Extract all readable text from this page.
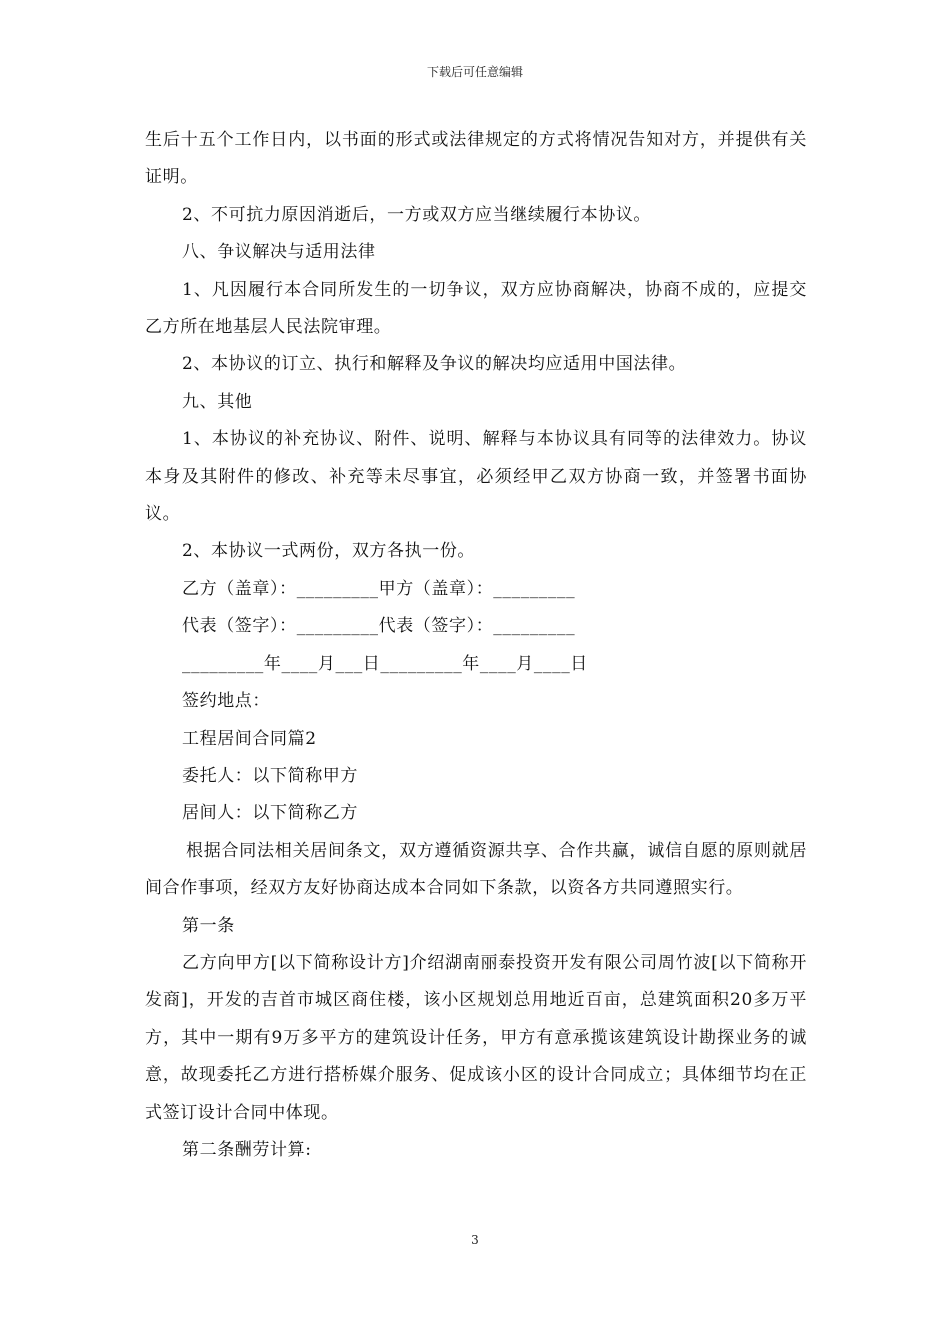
下载后可任意编辑

生后十五个工作日内，以书面的形式或法律规定的方式将情况告知对方，并提供有关证明。

2、不可抗力原因消逝后，一方或双方应当继续履行本协议。

八、争议解决与适用法律

1、凡因履行本合同所发生的一切争议，双方应协商解决，协商不成的，应提交乙方所在地基层人民法院审理。

2、本协议的订立、执行和解释及争议的解决均应适用中国法律。

九、其他

1、本协议的补充协议、附件、说明、解释与本协议具有同等的法律效力。协议本身及其附件的修改、补充等未尽事宜，必须经甲乙双方协商一致，并签署书面协议。

2、本协议一式两份，双方各执一份。

乙方（盖章）：_________甲方（盖章）：_________

代表（签字）：_________代表（签字）：_________

_________年____月___日_________年____月____日

签约地点：

工程居间合同篇2

委托人：以下简称甲方

居间人：以下简称乙方

根据合同法相关居间条文，双方遵循资源共享、合作共赢，诚信自愿的原则就居间合作事项，经双方友好协商达成本合同如下条款，以资各方共同遵照实行。

第一条

乙方向甲方[以下简称设计方]介绍湖南丽泰投资开发有限公司周竹波[以下简称开发商]，开发的吉首市城区商住楼，该小区规划总用地近百亩，总建筑面积20多万平方，其中一期有9万多平方的建筑设计任务，甲方有意承揽该建筑设计勘探业务的诚意，故现委托乙方进行搭桥媒介服务、促成该小区的设计合同成立；具体细节均在正式签订设计合同中体现。

第二条酬劳计算:

3
